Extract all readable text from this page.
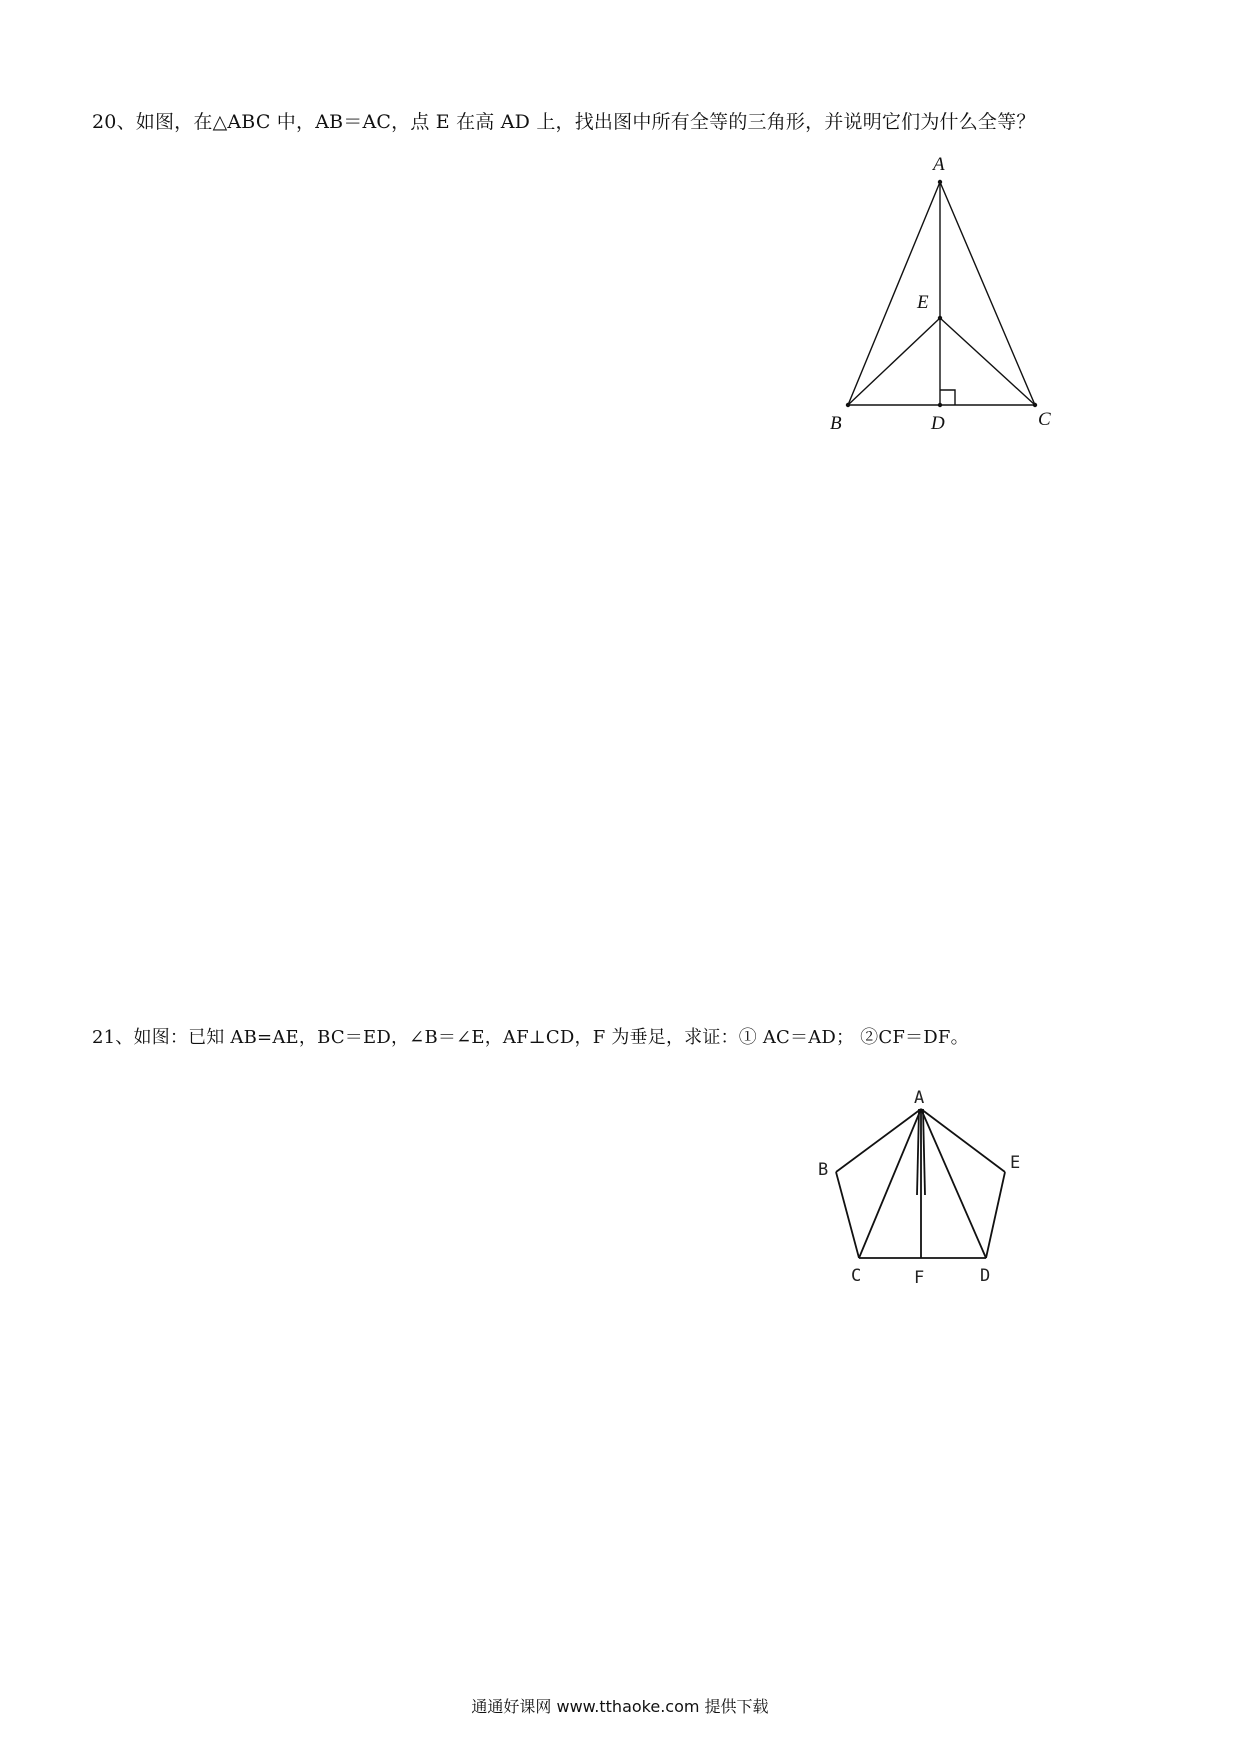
20、如图，在△ABC 中，AB＝AC，点 E 在高 AD 上，找出图中所有全等的三角形，并说明它们为什么全等？
A
E
B	D	C
21、如图：已知 AB=AE，BC＝ED，∠B＝∠E，AF⊥CD，F 为垂足，求证：① AC＝AD； ②CF＝DF。
A
B	E
C	F	D
通通好课网 www.tthaoke.com 提供下载
